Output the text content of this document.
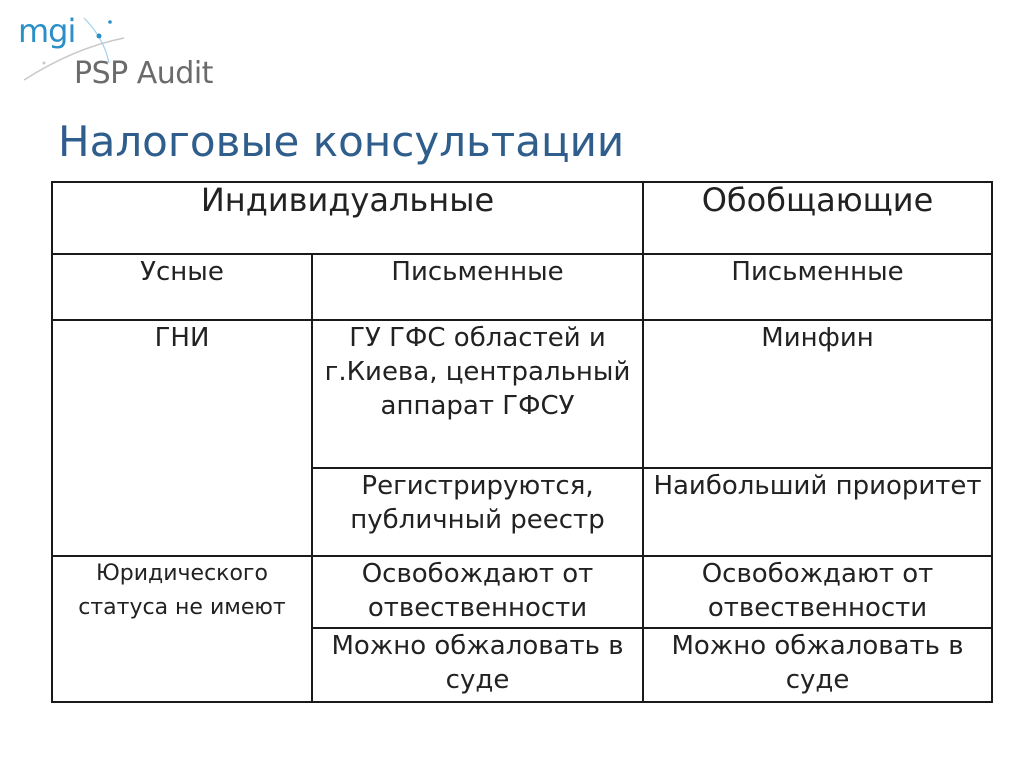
mgi
PSP Audit
Налоговые консультации
Индивидуальные		Обобщающие
Усные	Письменные	Письменные
ГНИ	ГУ ГФС областей и г.Киева, центральный аппарат ГФСУ	Минфин
	Регистрируются, публичный реестр	Наибольший приоритет
Юридического статуса не имеют	Освобождают от отвественности	Освобождают от отвественности
	Можно обжаловать в суде	Можно обжаловать в суде
